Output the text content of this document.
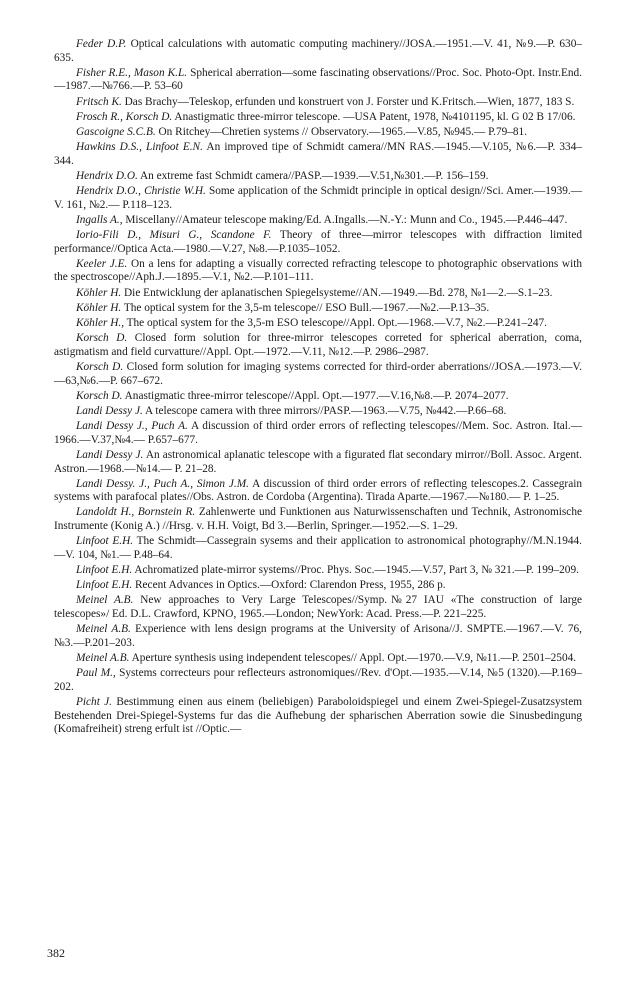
Feder D.P. Optical calculations with automatic computing machinery//JOSA.—1951.—V. 41, №9.—P. 630–635.

Fisher R.E., Mason K.L. Spherical aberration—some fascinating observations//Proc. Soc. Photo-Opt. Instr.End.—1987.—№766.—P. 53–60

Fritsch K. Das Brachy—Teleskop, erfunden und konstruert von J. Forster und K.Fritsch.—Wien, 1877, 183 S.

Frosch R., Korsch D. Anastigmatic three-mirror telescope. —USA Patent, 1978, №4101195, kl. G 02 B 17/06.

Gascoigne S.C.B. On Ritchey—Chretien systems // Observatory.—1965.—V.85, №945.— P.79–81.

Hawkins D.S., Linfoot E.N. An improved tipe of Schmidt camera//MN RAS.—1945.—V.105, №6.—P. 334–344.

Hendrix D.O. An extreme fast Schmidt camera//PASP.—1939.—V.51,№301.—P. 156–159.

Hendrix D.O., Christie W.H. Some application of the Schmidt principle in optical design//Sci. Amer.—1939.—V. 161, №2.— P.118–123.

Ingalls A., Miscellany//Amateur telescope making/Ed. A.Ingalls.—N.-Y.: Munn and Co., 1945.—P.446–447.

Iorio-Fili D., Misuri G., Scandone F. Theory of three—mirror telescopes with diffraction limited performance//Optica Acta.—1980.—V.27, №8.—P.1035–1052.

Keeler J.E. On a lens for adapting a visually corrected refracting telescope to photographic observations with the spectroscope//Aph.J.—1895.—V.1, №2.—P.101–111.

Köhler H. Die Entwicklung der aplanatischen Spiegelsysteme//AN.—1949.—Bd. 278, №1—2.—S.1–23.

Köhler H. The optical system for the 3,5-m telescope// ESO Bull.—1967.—№2.—P.13–35.

Köhler H., The optical system for the 3,5-m ESO telescope//Appl. Opt.—1968.—V.7, №2.—P.241–247.

Korsch D. Closed form solution for three-mirror telescopes correted for spherical aberration, coma, astigmatism and field curvatture//Appl. Opt.—1972.—V.11, №12.—P. 2986–2987.

Korsch D. Closed form solution for imaging systems corrected for third-order aberrations//JOSA.—1973.—V.—63,№6.—P. 667–672.

Korsch D. Anastigmatic three-mirror telescope//Appl. Opt.—1977.—V.16,№8.—P. 2074–2077.

Landi Dessy J. A telescope camera with three mirrors//PASP.—1963.—V.75, №442.—P.66–68.

Landi Dessy J., Puch A. A discussion of third order errors of reflecting telescopes//Mem. Soc. Astron. Ital.—1966.—V.37,№4.— P.657–677.

Landi Dessy J. An astronomical aplanatic telescope with a figurated flat secondary mirror//Boll. Assoc. Argent. Astron.—1968.—№14.— P. 21–28.

Landi Dessy. J., Puch A., Simon J.M. A discussion of third order errors of reflecting telescopes.2. Cassegrain systems with parafocal plates//Obs. Astron. de Cordoba (Argentina). Tirada Aparte.—1967.—№180.— P. 1–25.

Landoldt H., Bornstein R. Zahlenwerte und Funktionen aus Naturwissenschaften und Technik, Astronomische Instrumente (Konig A.) //Hrsg. v. H.H. Voigt, Bd 3.—Berlin, Springer.—1952.—S. 1–29.

Linfoot E.H. The Schmidt—Cassegrain sysems and their application to astronomical photography//M.N.1944.—V. 104, №1.— P.48–64.

Linfoot E.H. Achromatized plate-mirror systems//Proc. Phys. Soc.—1945.—V.57, Part 3, № 321.—P. 199–209.

Linfoot E.H. Recent Advances in Optics.—Oxford: Clarendon Press, 1955, 286 p.

Meinel A.B. New approaches to Very Large Telescopes//Symp.№27 IAU «The construction of large telescopes»/ Ed. D.L. Crawford, KPNO, 1965.—London; NewYork: Acad. Press.—P. 221–225.

Meinel A.B. Experience with lens design programs at the University of Arisona//J. SMPTE.—1967.—V. 76, №3.—P.201–203.

Meinel A.B. Aperture synthesis using independent telescopes// Appl. Opt.—1970.—V.9, №11.—P. 2501–2504.

Paul M., Systems correcteurs pour reflecteurs astronomiques//Rev. d'Opt.—1935.—V.14, №5 (1320).—P.169–202.

Picht J. Bestimmung einen aus einem (beliebigen) Paraboloidspiegel und einem Zwei-Spiegel-Zusatzsystem Bestehenden Drei-Spiegel-Systems fur das die Aufhebung der spharischen Aberration sowie die Sinusbedingung (Komafreiheit) streng erfult ist //Optic.—

382
